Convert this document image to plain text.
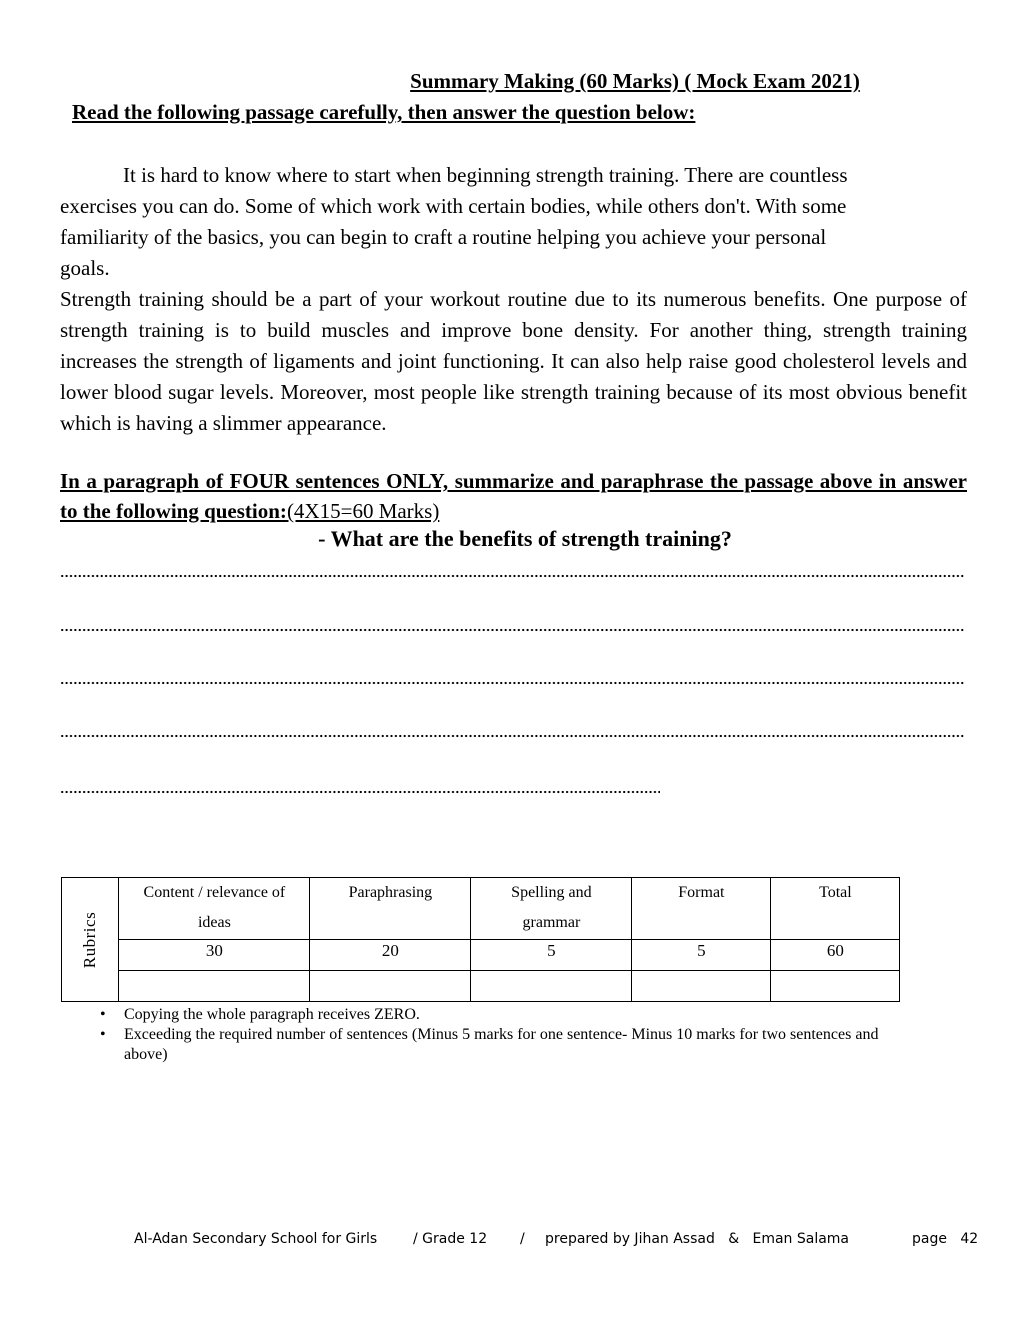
Summary Making (60 Marks) ( Mock Exam 2021)
Read the following passage carefully, then answer the question below:
It is hard to know where to start when beginning strength training. There are countless
exercises you can do. Some of which work with certain bodies, while others don't. With some
familiarity of the basics, you can begin to craft a routine helping you achieve your personal
goals.
Strength training should be a part of your workout routine due to its numerous benefits. One purpose of strength training is to build muscles and improve bone density. For another thing, strength training increases the strength of ligaments and joint functioning. It can also help raise good cholesterol levels and lower blood sugar levels. Moreover, most people like strength training because of its most obvious benefit which is having a slimmer appearance.
In a paragraph of FOUR sentences ONLY, summarize and paraphrase the passage above in answer to the following question:(4X15=60 Marks)
- What are the benefits of strength training?
Rubrics	Content / relevance of ideas	Paraphrasing	Spelling and grammar	Format	Total
	30	20	5	5	60

• Copying the whole paragraph receives ZERO.
• Exceeding the required number of sentences (Minus 5 marks for one sentence- Minus 10 marks for two sentences and above)
Al-Adan Secondary School for Girls	/ Grade 12 / prepared by Jihan Assad   &   Eman Salama	page   42
